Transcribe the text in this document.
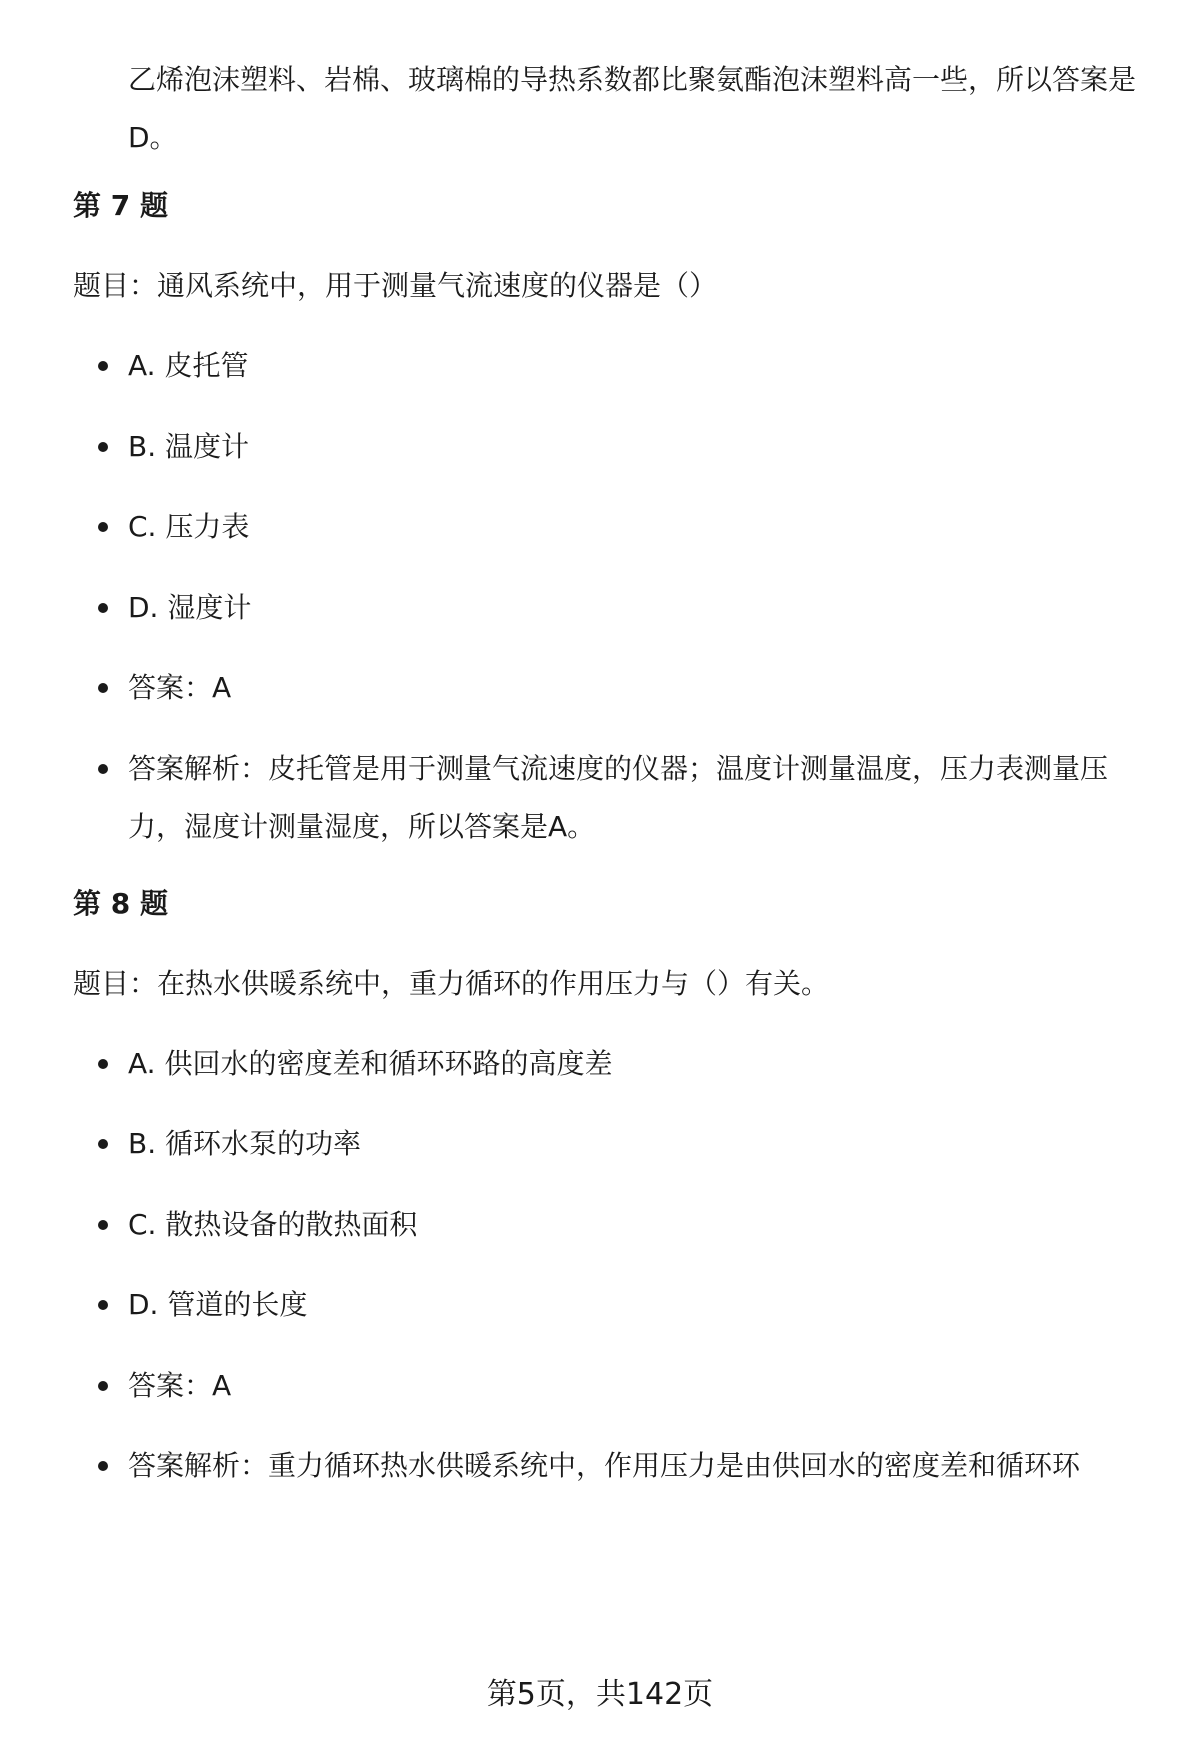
乙烯泡沫塑料、岩棉、玻璃棉的导热系数都比聚氨酯泡沫塑料高一些，所以答案是D。
第 7 题
题目：通风系统中，用于测量气流速度的仪器是（）
A. 皮托管
B. 温度计
C. 压力表
D. 湿度计
答案：A
答案解析：皮托管是用于测量气流速度的仪器；温度计测量温度，压力表测量压力，湿度计测量湿度，所以答案是A。
第 8 题
题目：在热水供暖系统中，重力循环的作用压力与（）有关。
A. 供回水的密度差和循环环路的高度差
B. 循环水泵的功率
C. 散热设备的散热面积
D. 管道的长度
答案：A
答案解析：重力循环热水供暖系统中，作用压力是由供回水的密度差和循环环
第5页，共142页
